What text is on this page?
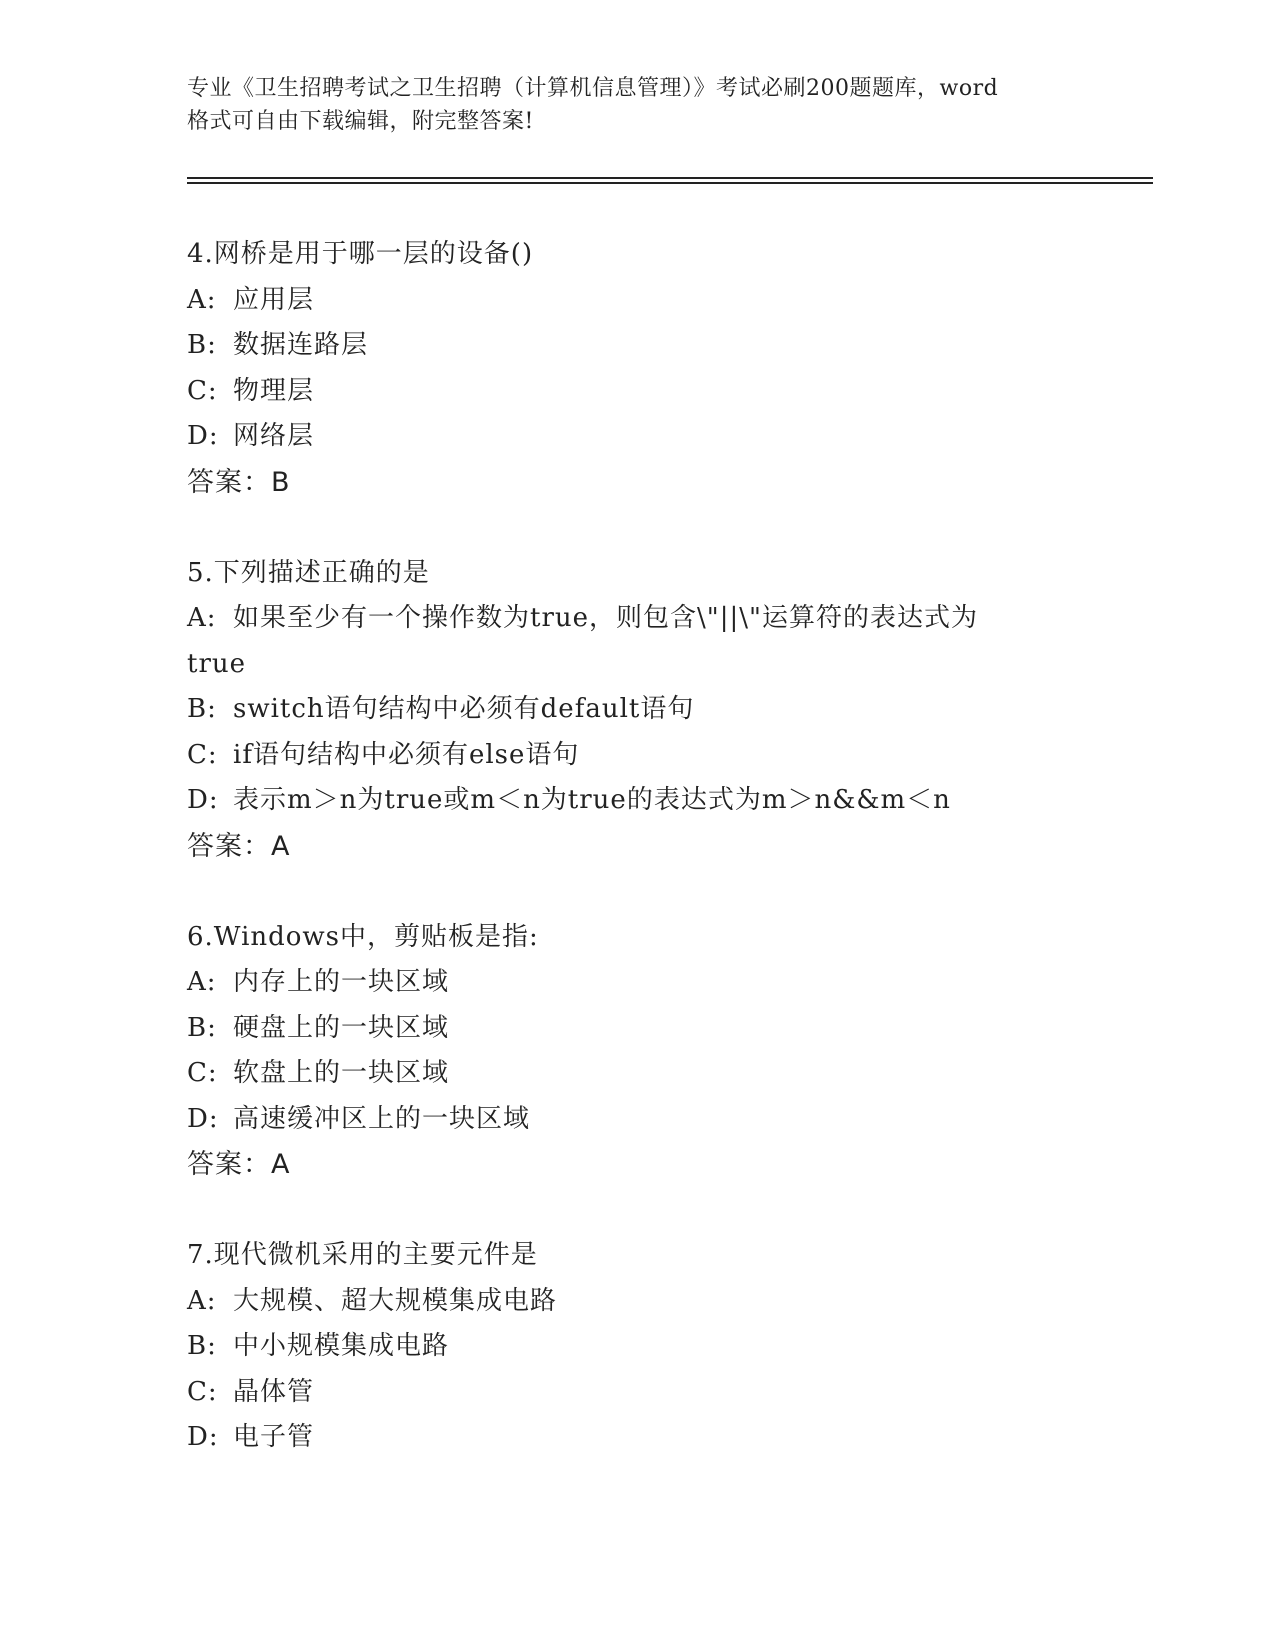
专业《卫生招聘考试之卫生招聘（计算机信息管理）》考试必刷200题题库，word
格式可自由下载编辑，附完整答案!
4.网桥是用于哪一层的设备()
A: 应用层
B: 数据连路层
C: 物理层
D: 网络层
答案：B
5.下列描述正确的是
A: 如果至少有一个操作数为true，则包含\"||\"运算符的表达式为
true
B: switch语句结构中必须有default语句
C: if语句结构中必须有else语句
D: 表示m＞n为true或m＜n为true的表达式为m＞n&&m＜n
答案：A
6.Windows中，剪贴板是指:
A: 内存上的一块区域
B: 硬盘上的一块区域
C: 软盘上的一块区域
D: 高速缓冲区上的一块区域
答案：A
7.现代微机采用的主要元件是
A: 大规模、超大规模集成电路
B: 中小规模集成电路
C: 晶体管
D: 电子管
